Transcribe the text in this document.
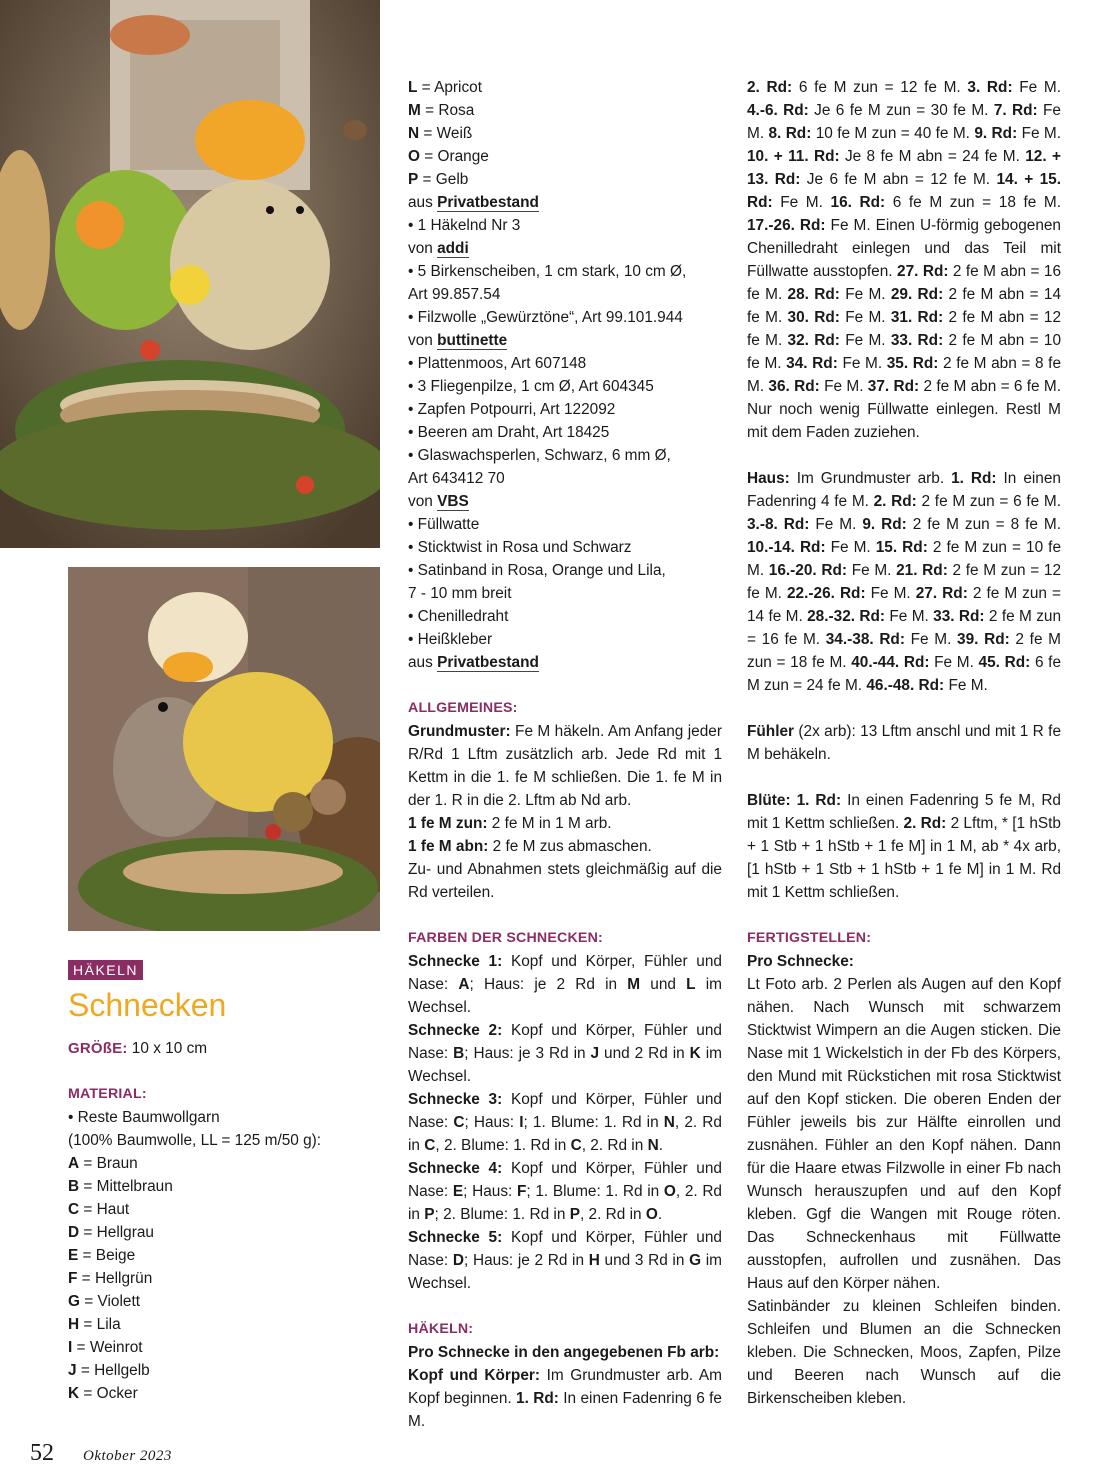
HÄKELN
Schnecken

GRÖßE: 10 x 10 cm

MATERIAL:

• Reste Baumwollgarn

(100% Baumwolle, LL = 125 m/50 g):

A = Braun

B = Mittelbraun

C = Haut

D = Hellgrau

E = Beige

F = Hellgrün

G = Violett

H = Lila

I = Weinrot

J = Hellgelb

K = Ocker

L = Apricot

M = Rosa

N = Weiß

O = Orange

P = Gelb

aus Privatbestand

• 1 Häkelnd Nr 3

von addi

• 5 Birkenscheiben, 1 cm stark, 10 cm Ø,

Art 99.857.54

• Filzwolle „Gewürztöne“, Art 99.101.944

von buttinette

• Plattenmoos, Art 607148

• 3 Fliegenpilze, 1 cm Ø, Art 604345

• Zapfen Potpourri, Art 122092

• Beeren am Draht, Art 18425

• Glaswachsperlen, Schwarz, 6 mm Ø,

Art 643412 70

von VBS

• Füllwatte

• Sticktwist in Rosa und Schwarz

• Satinband in Rosa, Orange und Lila,

7 - 10 mm breit

• Chenilledraht

• Heißkleber

aus Privatbestand

ALLGEMEINES:

Grundmuster: Fe M häkeln. Am Anfang jeder R/Rd 1 Lftm zusätzlich arb. Jede Rd mit 1 Kettm in die 1. fe M schließen. Die 1. fe M in der 1. R in die 2. Lftm ab Nd arb.

1 fe M zun: 2 fe M in 1 M arb.

1 fe M abn: 2 fe M zus abmaschen.

Zu- und Abnahmen stets gleichmäßig auf die Rd verteilen.

FARBEN DER SCHNECKEN:

Schnecke 1: Kopf und Körper, Fühler und Nase: A; Haus: je 2 Rd in M und L im Wechsel.

Schnecke 2: Kopf und Körper, Fühler und Nase: B; Haus: je 3 Rd in J und 2 Rd in K im Wechsel.

Schnecke 3: Kopf und Körper, Fühler und Nase: C; Haus: I; 1. Blume: 1. Rd in N, 2. Rd in C, 2. Blume: 1. Rd in C, 2. Rd in N.

Schnecke 4: Kopf und Körper, Fühler und Nase: E; Haus: F; 1. Blume: 1. Rd in O, 2. Rd in P; 2. Blume: 1. Rd in P, 2. Rd in O.

Schnecke 5: Kopf und Körper, Fühler und Nase: D; Haus: je 2 Rd in H und 3 Rd in G im Wechsel.

HÄKELN:

Pro Schnecke in den angegebenen Fb arb:

Kopf und Körper: Im Grundmuster arb. Am Kopf beginnen. 1. Rd: In einen Fadenring 6 fe M.

2. Rd: 6 fe M zun = 12 fe M. 3. Rd: Fe M. 4.-6. Rd: Je 6 fe M zun = 30 fe M. 7. Rd: Fe M. 8. Rd: 10 fe M zun = 40 fe M. 9. Rd: Fe M. 10. + 11. Rd: Je 8 fe M abn = 24 fe M. 12. + 13. Rd: Je 6 fe M abn = 12 fe M. 14. + 15. Rd: Fe M. 16. Rd: 6 fe M zun = 18 fe M. 17.-26. Rd: Fe M. Einen U-förmig gebogenen Chenilledraht einlegen und das Teil mit Füllwatte ausstopfen. 27. Rd: 2 fe M abn = 16 fe M. 28. Rd: Fe M. 29. Rd: 2 fe M abn = 14 fe M. 30. Rd: Fe M. 31. Rd: 2 fe M abn = 12 fe M. 32. Rd: Fe M. 33. Rd: 2 fe M abn = 10 fe M. 34. Rd: Fe M. 35. Rd: 2 fe M abn = 8 fe M. 36. Rd: Fe M. 37. Rd: 2 fe M abn = 6 fe M. Nur noch wenig Füllwatte einlegen. Restl M mit dem Faden zuziehen.

Haus: Im Grundmuster arb. 1. Rd: In einen Fadenring 4 fe M. 2. Rd: 2 fe M zun = 6 fe M. 3.-8. Rd: Fe M. 9. Rd: 2 fe M zun = 8 fe M. 10.-14. Rd: Fe M. 15. Rd: 2 fe M zun = 10 fe M. 16.-20. Rd: Fe M. 21. Rd: 2 fe M zun = 12 fe M. 22.-26. Rd: Fe M. 27. Rd: 2 fe M zun = 14 fe M. 28.-32. Rd: Fe M. 33. Rd: 2 fe M zun = 16 fe M. 34.-38. Rd: Fe M. 39. Rd: 2 fe M zun = 18 fe M. 40.-44. Rd: Fe M. 45. Rd: 6 fe M zun = 24 fe M. 46.-48. Rd: Fe M.

Fühler (2x arb): 13 Lftm anschl und mit 1 R fe M behäkeln.

Blüte: 1. Rd: In einen Fadenring 5 fe M, Rd mit 1 Kettm schließen. 2. Rd: 2 Lftm, * [1 hStb + 1 Stb + 1 hStb + 1 fe M] in 1 M, ab * 4x arb, [1 hStb + 1 Stb + 1 hStb + 1 fe M] in 1 M. Rd mit 1 Kettm schließen.

FERTIGSTELLEN:

Pro Schnecke:

Lt Foto arb. 2 Perlen als Augen auf den Kopf nähen. Nach Wunsch mit schwarzem Sticktwist Wimpern an die Augen sticken. Die Nase mit 1 Wickelstich in der Fb des Körpers, den Mund mit Rückstichen mit rosa Sticktwist auf den Kopf sticken. Die oberen Enden der Fühler jeweils bis zur Hälfte einrollen und zusnähen. Fühler an den Kopf nähen. Dann für die Haare etwas Filzwolle in einer Fb nach Wunsch herauszupfen und auf den Kopf kleben. Ggf die Wangen mit Rouge röten. Das Schneckenhaus mit Füllwatte ausstopfen, aufrollen und zusnähen. Das Haus auf den Körper nähen.

Satinbänder zu kleinen Schleifen binden. Schleifen und Blumen an die Schnecken kleben. Die Schnecken, Moos, Zapfen, Pilze und Beeren nach Wunsch auf die Birkenscheiben kleben.

52 Oktober 2023
